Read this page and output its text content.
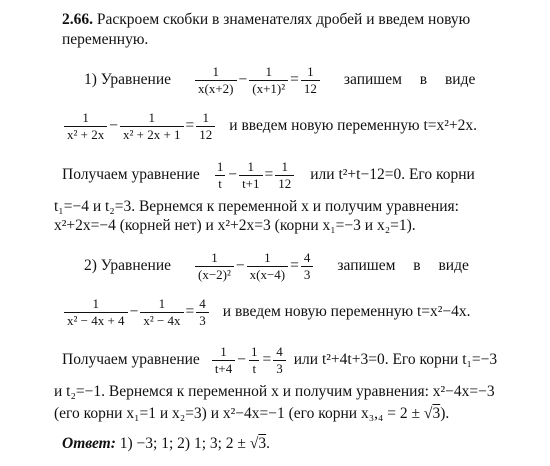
2.66. Раскроем скобки в знаменателях дробей и введем новую
переменную.
1) Уравнение $\frac{1}{x(x+2)} - \frac{1}{\text{(x+1)²}} = \frac{1}{12}$ запишем в виде
$\frac{1}{\text{x² + 2x}} - \frac{1}{\text{x² + 2x + 1}} = \frac{1}{12}$ и введем новую переменную t=x²+2x.
Получаем уравнение $\frac{1}{t} - \frac{1}{t+1} = \frac{1}{12}$ или t²+t−12=0. Его корни
t₁=−4 и t₂=3. Вернемся к переменной x и получим уравнения:
x²+2x=−4 (корней нет) и x²+2x=3 (корни x₁=−3 и x₂=1).
2) Уравнение $\frac{1}{\text{(x−2)²}} - \frac{1}{x(x-4)} = \frac{4}{3}$ запишем в виде
$\frac{1}{\text{x² − 4x + 4}} - \frac{1}{\text{x² − 4x}} = \frac{4}{3}$ и введем новую переменную t=x²−4x.
Получаем уравнение $\frac{1}{t+4} - \frac{1}{t} = \frac{4}{3}$ или t²+4t+3=0. Его корни t₁=−3
и t₂=−1. Вернемся к переменной x и получим уравнения: x²−4x=−3
(его корни x₁=1 и x₂=3) и x²−4x=−1 (его корни x₃,₄ = 2 ± √3).
Ответ: 1) −3; 1; 2) 1; 3; 2 ± √3.
